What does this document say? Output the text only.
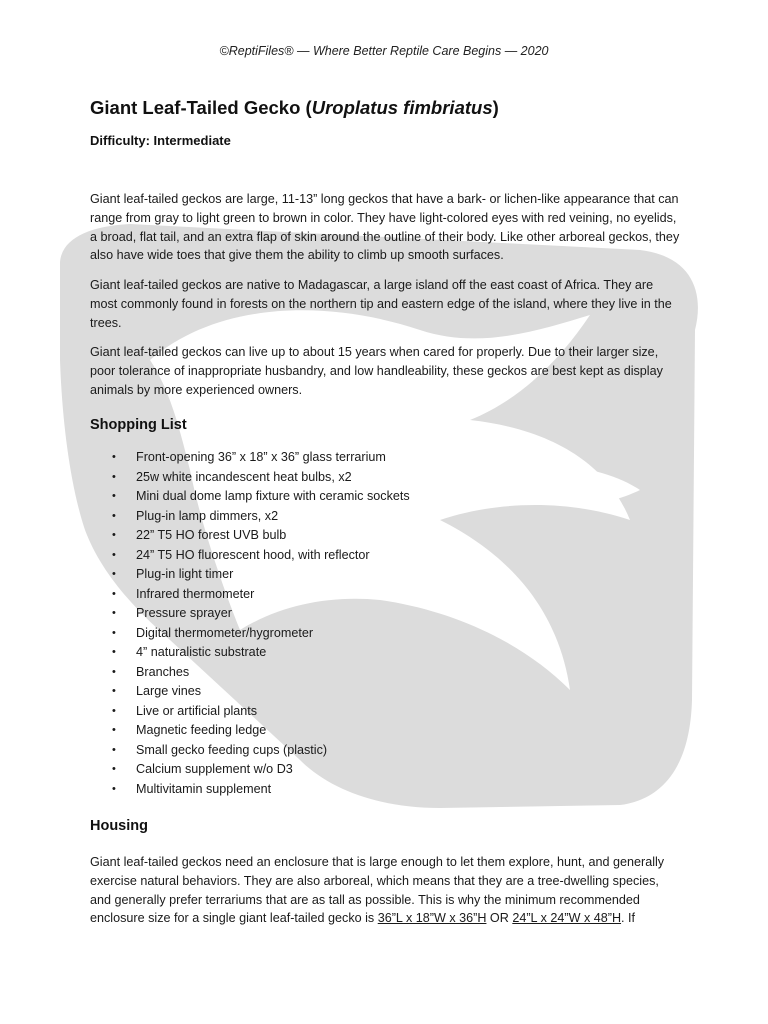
©ReptiFiles® — Where Better Reptile Care Begins — 2020
Giant Leaf-Tailed Gecko (Uroplatus fimbriatus)
Difficulty: Intermediate
Giant leaf-tailed geckos are large, 11-13” long geckos that have a bark- or lichen-like appearance that can range from gray to light green to brown in color. They have light-colored eyes with red veining, no eyelids, a broad, flat tail, and an extra flap of skin around the outline of their body. Like other arboreal geckos, they also have wide toes that give them the ability to climb up smooth surfaces.
Giant leaf-tailed geckos are native to Madagascar, a large island off the east coast of Africa. They are most commonly found in forests on the northern tip and eastern edge of the island, where they live in the trees.
Giant leaf-tailed geckos can live up to about 15 years when cared for properly. Due to their larger size, poor tolerance of inappropriate husbandry, and low handleability, these geckos are best kept as display animals by more experienced owners.
Shopping List
• Front-opening 36” x 18” x 36” glass terrarium
• 25w white incandescent heat bulbs, x2
• Mini dual dome lamp fixture with ceramic sockets
• Plug-in lamp dimmers, x2
• 22” T5 HO forest UVB bulb
• 24” T5 HO fluorescent hood, with reflector
• Plug-in light timer
• Infrared thermometer
• Pressure sprayer
• Digital thermometer/hygrometer
• 4” naturalistic substrate
• Branches
• Large vines
• Live or artificial plants
• Magnetic feeding ledge
• Small gecko feeding cups (plastic)
• Calcium supplement w/o D3
• Multivitamin supplement
Housing
Giant leaf-tailed geckos need an enclosure that is large enough to let them explore, hunt, and generally exercise natural behaviors. They are also arboreal, which means that they are a tree-dwelling species, and generally prefer terrariums that are as tall as possible. This is why the minimum recommended enclosure size for a single giant leaf-tailed gecko is 36”L x 18”W x 36”H OR 24”L x 24”W x 48”H. If
